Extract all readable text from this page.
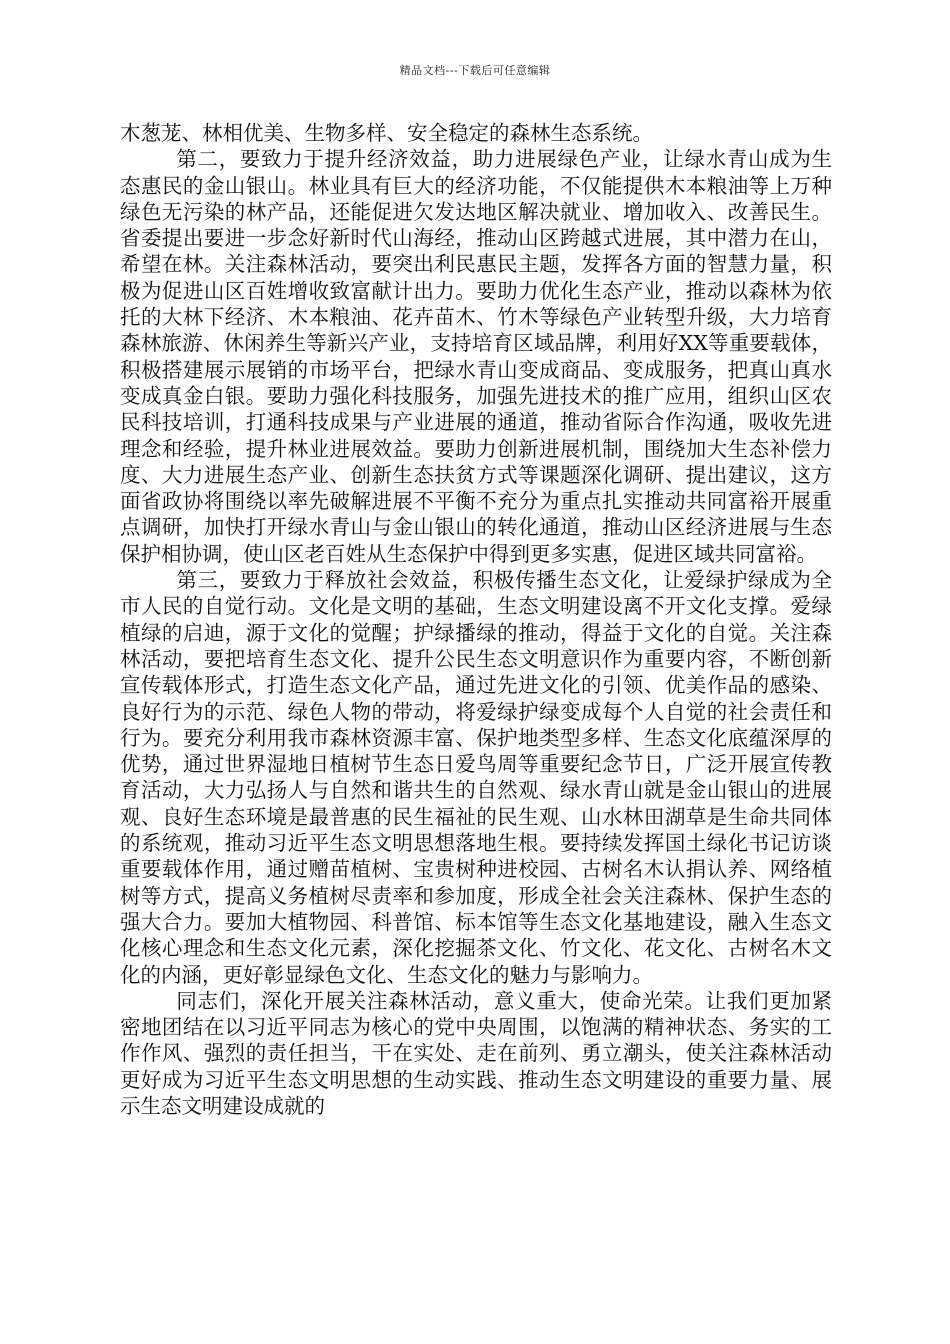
精品文档---下载后可任意编辑

木葱茏、林相优美、生物多样、安全稳定的森林生态系统。

第二，要致力于提升经济效益，助力进展绿色产业，让绿水青山成为生态惠民的金山银山。林业具有巨大的经济功能，不仅能提供木本粮油等上万种绿色无污染的林产品，还能促进欠发达地区解决就业、增加收入、改善民生。省委提出要进一步念好新时代山海经，推动山区跨越式进展，其中潜力在山，希望在林。关注森林活动，要突出利民惠民主题，发挥各方面的智慧力量，积极为促进山区百姓增收致富献计出力。要助力优化生态产业，推动以森林为依托的大林下经济、木本粮油、花卉苗木、竹木等绿色产业转型升级，大力培育森林旅游、休闲养生等新兴产业，支持培育区域品牌，利用好XX等重要载体，积极搭建展示展销的市场平台，把绿水青山变成商品、变成服务，把真山真水变成真金白银。要助力强化科技服务，加强先进技术的推广应用，组织山区农民科技培训，打通科技成果与产业进展的通道，推动省际合作沟通，吸收先进理念和经验，提升林业进展效益。要助力创新进展机制，围绕加大生态补偿力度、大力进展生态产业、创新生态扶贫方式等课题深化调研、提出建议，这方面省政协将围绕以率先破解进展不平衡不充分为重点扎实推动共同富裕开展重点调研，加快打开绿水青山与金山银山的转化通道，推动山区经济进展与生态保护相协调，使山区老百姓从生态保护中得到更多实惠，促进区域共同富裕。

第三，要致力于释放社会效益，积极传播生态文化，让爱绿护绿成为全市人民的自觉行动。文化是文明的基础，生态文明建设离不开文化支撑。爱绿植绿的启迪，源于文化的觉醒；护绿播绿的推动，得益于文化的自觉。关注森林活动，要把培育生态文化、提升公民生态文明意识作为重要内容，不断创新宣传载体形式，打造生态文化产品，通过先进文化的引领、优美作品的感染、良好行为的示范、绿色人物的带动，将爱绿护绿变成每个人自觉的社会责任和行为。要充分利用我市森林资源丰富、保护地类型多样、生态文化底蕴深厚的优势，通过世界湿地日植树节生态日爱鸟周等重要纪念节日，广泛开展宣传教育活动，大力弘扬人与自然和谐共生的自然观、绿水青山就是金山银山的进展观、良好生态环境是最普惠的民生福祉的民生观、山水林田湖草是生命共同体的系统观，推动习近平生态文明思想落地生根。要持续发挥国土绿化书记访谈重要载体作用，通过赠苗植树、宝贵树种进校园、古树名木认捐认养、网络植树等方式，提高义务植树尽责率和参加度，形成全社会关注森林、保护生态的强大合力。要加大植物园、科普馆、标本馆等生态文化基地建设，融入生态文化核心理念和生态文化元素，深化挖掘茶文化、竹文化、花文化、古树名木文化的内涵，更好彰显绿色文化、生态文化的魅力与影响力。

同志们，深化开展关注森林活动，意义重大，使命光荣。让我们更加紧密地团结在以习近平同志为核心的党中央周围，以饱满的精神状态、务实的工作作风、强烈的责任担当，干在实处、走在前列、勇立潮头，使关注森林活动更好成为习近平生态文明思想的生动实践、推动生态文明建设的重要力量、展示生态文明建设成就的
